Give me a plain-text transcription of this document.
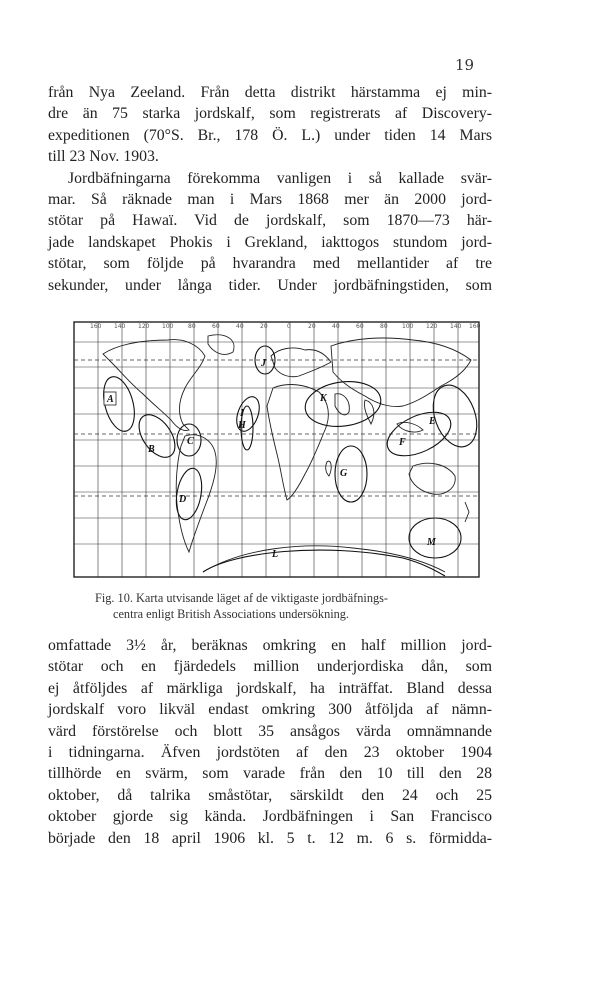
19
från Nya Zeeland. Från detta distrikt härstamma ej min-
dre än 75 starka jordskalf, som registrerats af Discovery-
expeditionen (70°S. Br., 178 Ö. L.) under tiden 14 Mars
till 23 Nov. 1903.
Jordbäfningarna förekomma vanligen i så kallade svär-
mar. Så räknade man i Mars 1868 mer än 2000 jord-
stötar på Hawaï. Vid de jordskalf, som 1870—73 här-
jade landskapet Phokis i Grekland, iakttogos stundom jord-
stötar, som följde på hvarandra med mellantider af tre
sekunder, under långa tider. Under jordbäfningstiden, som
160 140 120 100 80	60	40	20	0	20	40	60	80 100 120 140 160
A
B
C
D
I
H
J
K
G
F
E
L
M
Fig. 10. Karta utvisande läget af de viktigaste jordbäfnings-
centra enligt British Associations undersökning.
omfattade 3½ år, beräknas omkring en half million jord-
stötar och en fjärdedels million underjordiska dån, som
ej åtföljdes af märkliga jordskalf, ha inträffat. Bland dessa
jordskalf voro likväl endast omkring 300 åtföljda af nämn-
värd förstörelse och blott 35 ansågos värda omnämnande
i tidningarna. Äfven jordstöten af den 23 oktober 1904
tillhörde en svärm, som varade från den 10 till den 28
oktober, då talrika småstötar, särskildt den 24 och 25
oktober gjorde sig kända. Jordbäfningen i San Francisco
började den 18 april 1906 kl. 5 t. 12 m. 6 s. förmidda-
